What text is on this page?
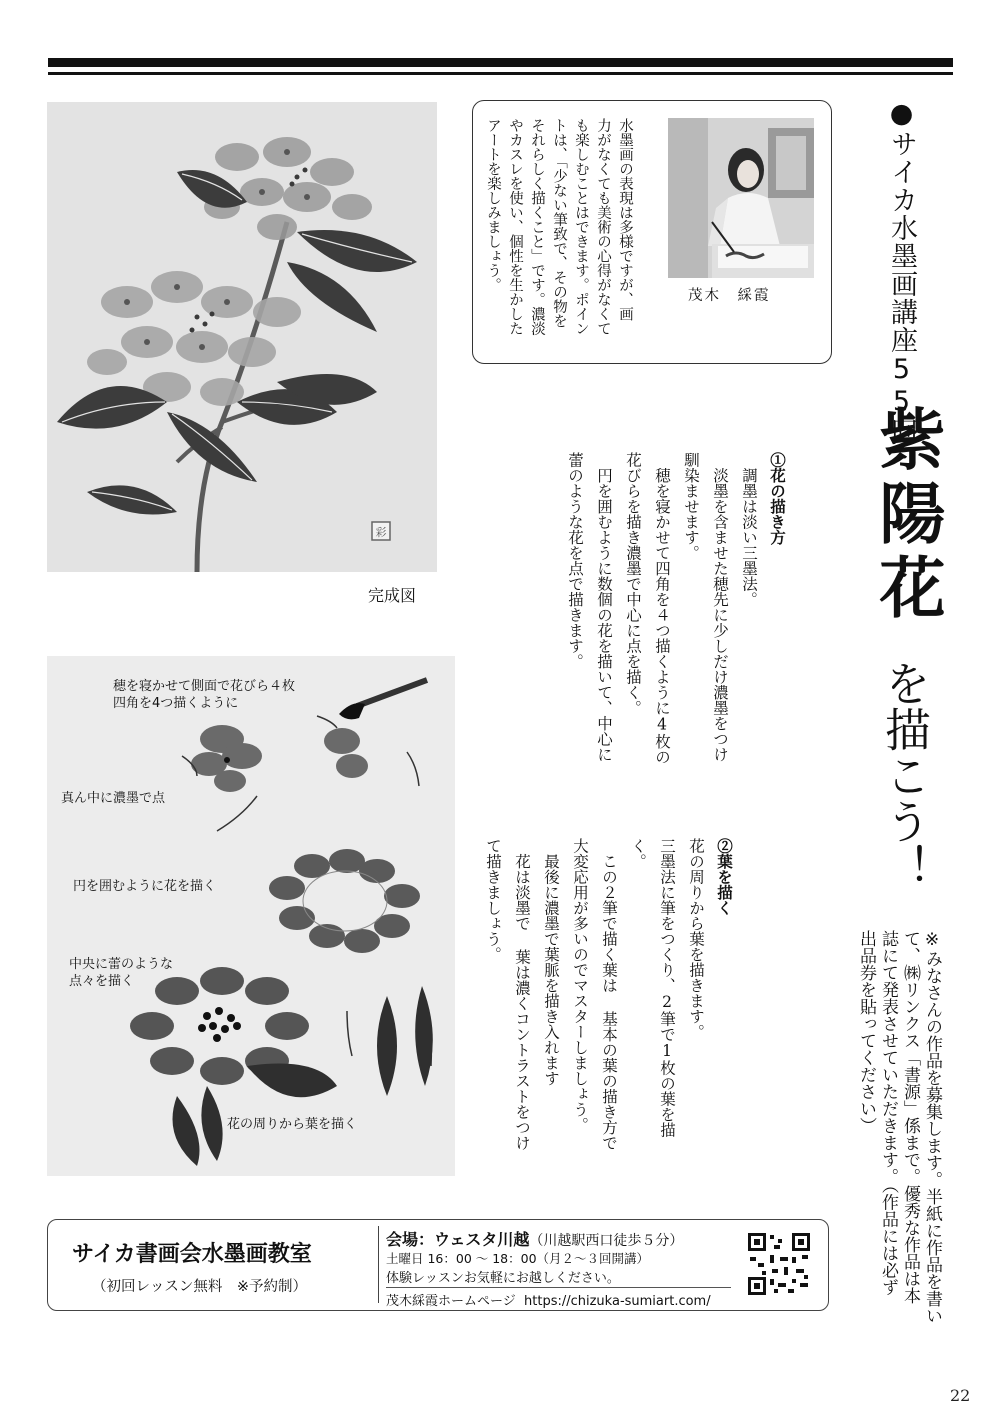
●サイカ水墨画講座55回
紫陽花
を描こう！

※みなさんの作品を募集します。半紙に作品を書い

て、㈱リンクス「書源」係まで。優秀な作品は本

誌にて発表させていただきます。（作品には必ず

出品券を貼ってください）

水墨画の表現は多様ですが、画

力がなくても美術の心得がなくて

も楽しむことはできます。ポイン

トは、「少ない筆致で、その物を

それらしく描くこと」です。濃淡

やカスレを使い、個性を生かした

アートを楽しみましょう。

茂木　綵霞
彩
完成図
穂を寝かせて側面で花びら４枚
四角を4つ描くように
真ん中に濃墨で点
円を囲むように花を描く
中央に蕾のような
点々を描く
花の周りから葉を描く

①花の描き方

　調墨は淡い三墨法。

　淡墨を含ませた穂先に少しだけ濃墨をつけ

馴染ませます。

　穂を寝かせて四角を４つ描くように4枚の

花びらを描き濃墨で中心に点を描く。

　円を囲むように数個の花を描いて、中心に

蕾のような花を点で描きます。

②葉を描く

花の周りから葉を描きます。

三墨法に筆をつくり、2筆で1枚の葉を描

く。

　この２筆で描く葉は 基本の葉の描き方で

大変応用が多いのでマスターしましょう。

　最後に濃墨で葉脈を描き入れます

　花は淡墨で 葉は濃くコントラストをつけ

て描きましょう。

サイカ書画会水墨画教室
（初回レッスン無料　※予約制）
会場：ウェスタ川越（川越駅西口徒歩５分）
土曜日 16：00 ～ 18：00（月２～３回開講）
体験レッスンお気軽にお越しください。
茂木綵霞ホームページ https://chizuka-sumiart.com/
22
